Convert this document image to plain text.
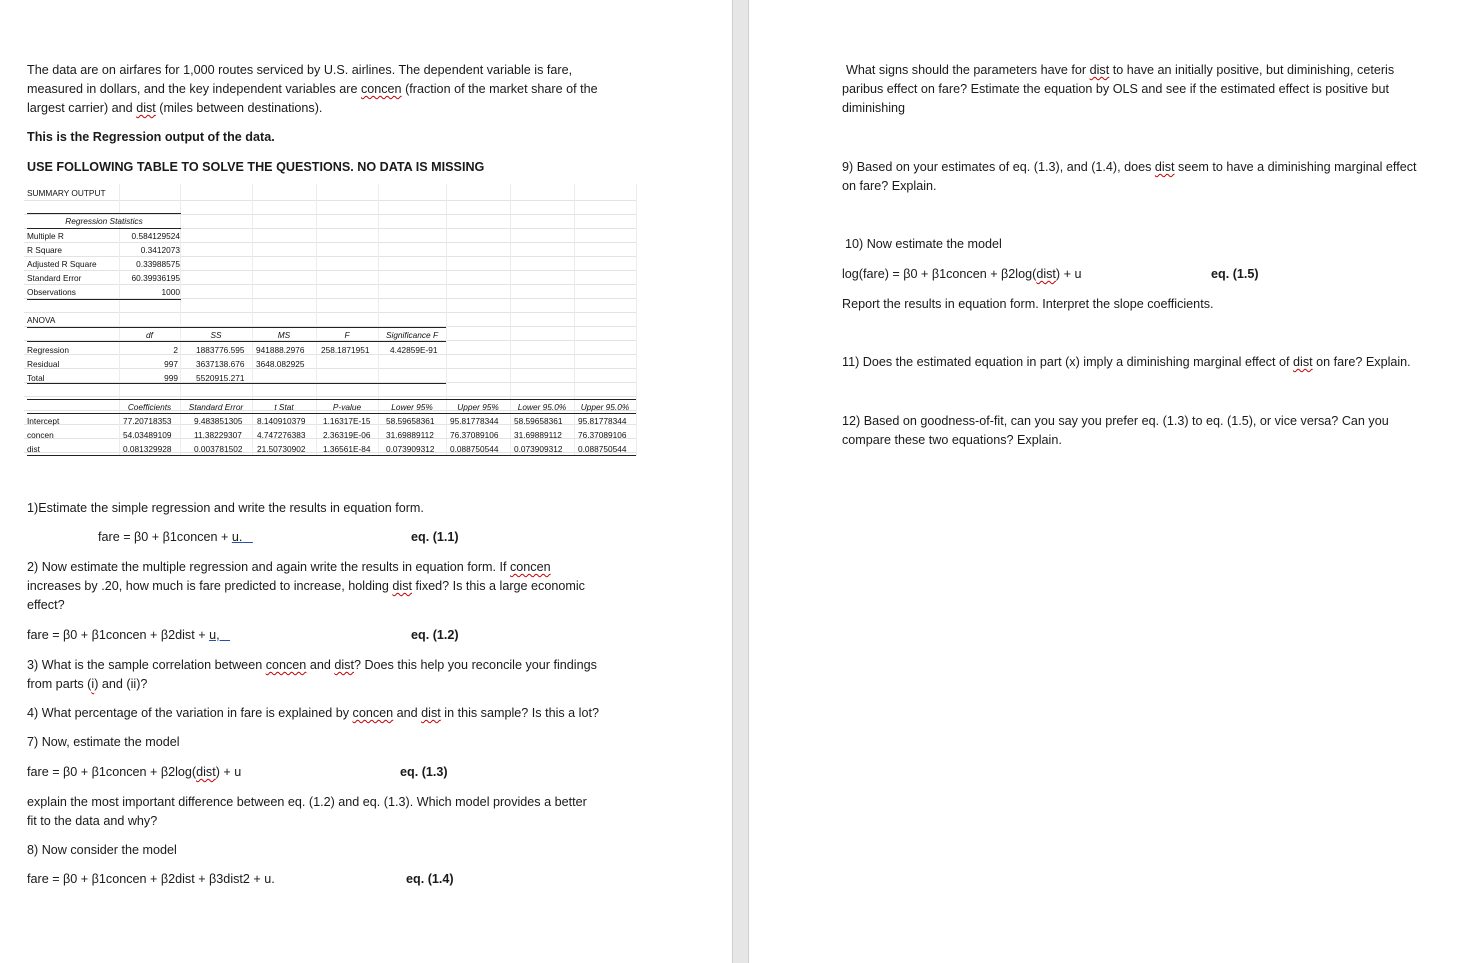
The data are on airfares for 1,000 routes serviced by U.S. airlines. The dependent variable is fare,
measured in dollars, and the key independent variables are concen (fraction of the market share of the
largest carrier) and dist (miles between destinations).
This is the Regression output of the data.
USE FOLLOWING TABLE TO SOLVE THE QUESTIONS. NO DATA IS MISSING
SUMMARY OUTPUT
Regression Statistics
Multiple R	0.584129524
R Square	0.3412073
Adjusted R Square	0.33988575
Standard Error	60.39936195
Observations	1000
ANOVA
df	SS	MS	F	Significance F
Regression	2 1883776.595 941888.2976 258.1871951 4.42859E-91
Residual	997 3637138.676 3648.082925
Total	999 5520915.271
Coefficients	Standard Error	t Stat	P-value	Lower 95%	Upper 95%	Lower 95.0%	Upper 95.0%
Intercept	77.20718353	9.483851305 8.140910379 1.16317E-15 58.59658361 95.81778344 58.59658361 95.81778344
concen	54.03489109	11.38229307 4.747276383 2.36319E-06 31.69889112 76.37089106 31.69889112 76.37089106
dist	0.081329928	0.003781502 21.50730902 1.36561E-84 0.073909312 0.088750544 0.073909312 0.088750544
1)Estimate the simple regression and write the results in equation form.
fare = β0 + β1concen + u.	eq. (1.1)
2) Now estimate the multiple regression and again write the results in equation form. If concen
increases by .20, how much is fare predicted to increase, holding dist fixed? Is this a large economic
effect?
fare = β0 + β1concen + β2dist + u,	eq. (1.2)
3) What is the sample correlation between concen and dist? Does this help you reconcile your findings
from parts (i) and (ii)?
4) What percentage of the variation in fare is explained by concen and dist in this sample? Is this a lot?
7) Now, estimate the model
fare = β0 + β1concen + β2log(dist) + u	eq. (1.3)
explain the most important difference between eq. (1.2) and eq. (1.3). Which model provides a better
fit to the data and why?
8) Now consider the model
fare = β0 + β1concen + β2dist + β3dist2 + u.	eq. (1.4)
What signs should the parameters have for dist to have an initially positive, but diminishing, ceteris
paribus effect on fare? Estimate the equation by OLS and see if the estimated effect is positive but
diminishing
9) Based on your estimates of eq. (1.3), and (1.4), does dist seem to have a diminishing marginal effect
on fare? Explain.
10) Now estimate the model
log(fare) = β0 + β1concen + β2log(dist) + u	eq. (1.5)
Report the results in equation form. Interpret the slope coefficients.
11) Does the estimated equation in part (x) imply a diminishing marginal effect of dist on fare? Explain.
12) Based on goodness-of-fit, can you say you prefer eq. (1.3) to eq. (1.5), or vice versa? Can you
compare these two equations? Explain.
